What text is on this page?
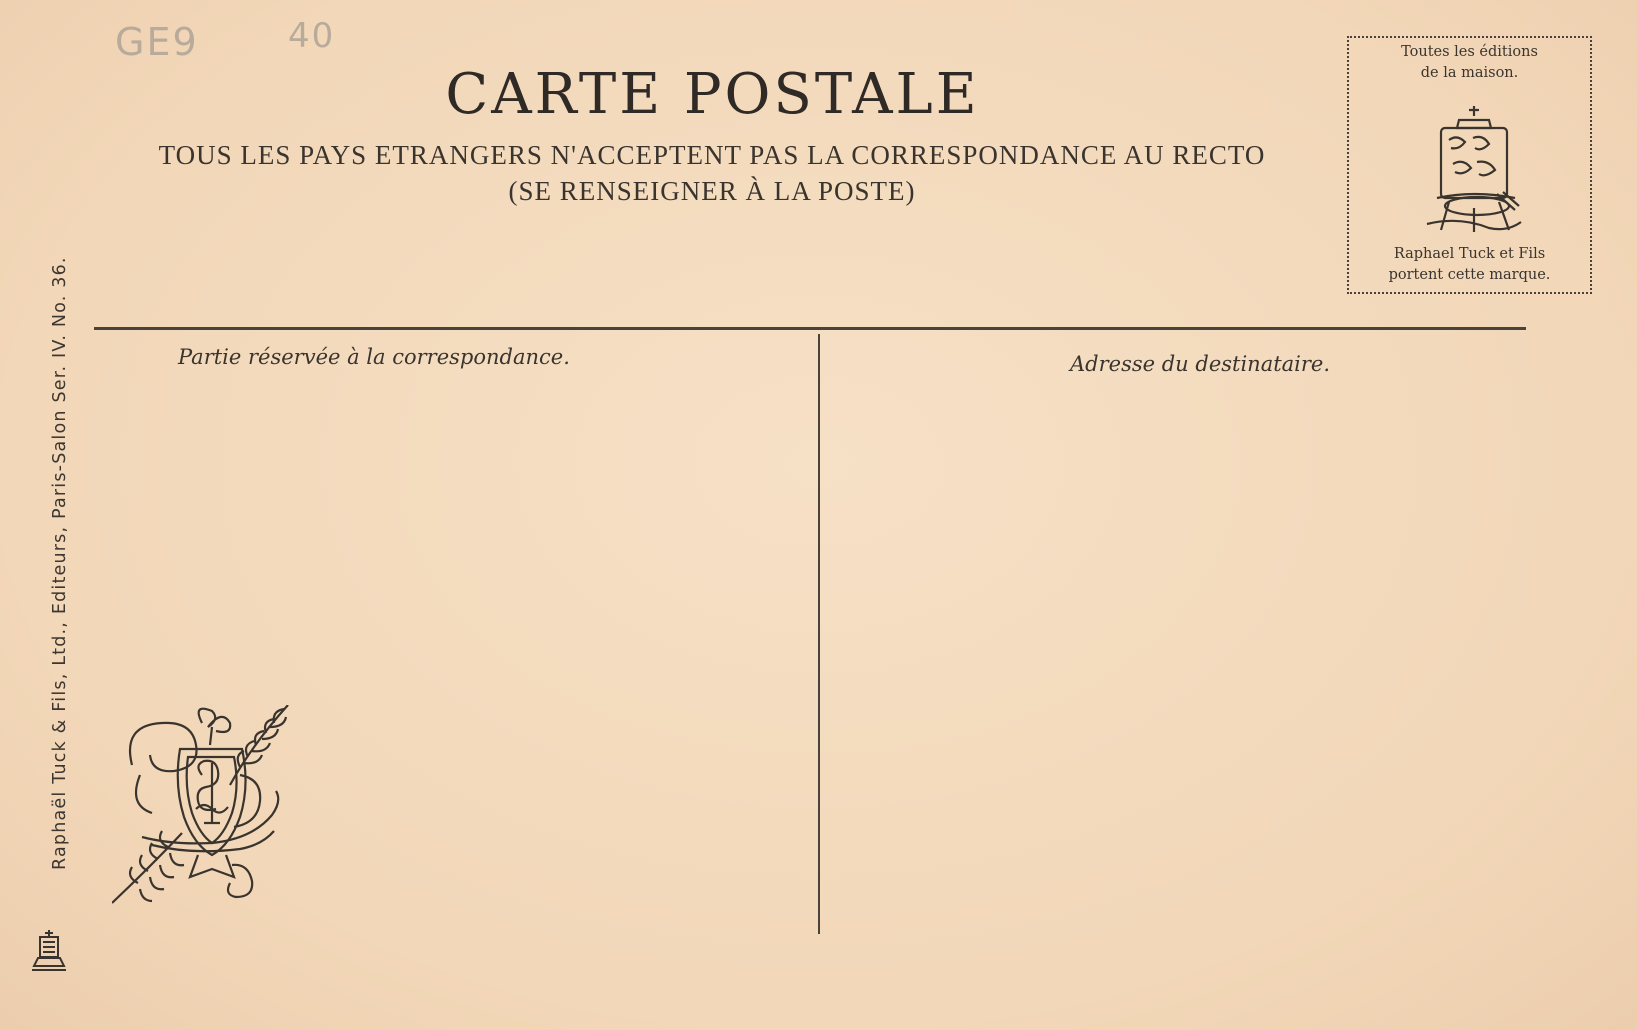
GE9	40
CARTE POSTALE
TOUS LES PAYS ETRANGERS N'ACCEPTENT PAS LA CORRESPONDANCE AU RECTO
(SE RENSEIGNER À LA POSTE)
Toutes les éditions
de la maison.
Raphael Tuck et Fils
portent cette marque.
Raphaël Tuck & Fils, Ltd., Editeurs, Paris-Salon Ser. IV. No. 36.	Partie réservée à la correspondance.	Adresse du destinataire.
